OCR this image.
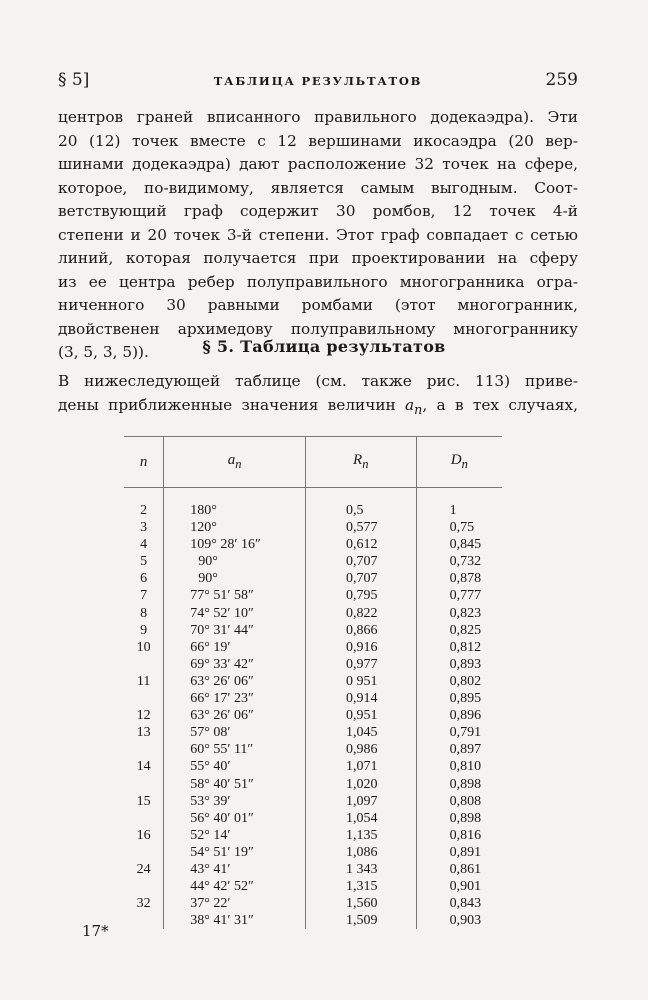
§ 5]	ТАБЛИЦА РЕЗУЛЬТАТОВ	259

центров граней вписанного правильного додекаэдра). Эти
20 (12) точек вместе с 12 вершинами икосаэдра (20 вер-
шинами додекаэдра) дают расположение 32 точек на сфере,
которое, по-видимому, является самым выгодным. Соот-
ветствующий граф содержит 30 ромбов, 12 точек 4-й
степени и 20 точек 3-й степени. Этот граф совпадает с сетью
линий, которая получается при проектировании на сферу
из ее центра ребер полуправильного многогранника огра-
ниченного 30 равными ромбами (этот многогранник,
двойственен архимедову полуправильному многограннику
(3, 5, 3, 5)).	§ 5. Таблица результатов

В нижеследующей таблице (см. также рис. 113) приве-
дены приближенные значения величин $a_n$, а в тех случаях,

n	$a_n$	$R_n$	$D_n$
2	180°	0,5	1
3	120°	0,577	0,75
4	109° 28′ 16″	0,612	0,845
5	90°	0,707	0,732
6	90°	0,707	0,878
7	77° 51′ 58″	0,795	0,777
8	74° 52′ 10″	0,822	0,823
9	70° 31′ 44″	0,866	0,825
10	66° 19′	0,916	0,812
	69° 33′ 42″	0,977	0,893
11	63° 26′ 06″	0 951	0,802
	66° 17′ 23″	0,914	0,895
12	63° 26′ 06″	0,951	0,896
13	57° 08′	1,045	0,791
	60° 55′ 11″	0,986	0,897
14	55° 40′	1,071	0,810
	58° 40′ 51″	1,020	0,898
15	53° 39′	1,097	0,808
	56° 40′ 01″	1,054	0,898
16	52° 14′	1,135	0,816
	54° 51′ 19″	1,086	0,891
24	43° 41′	1 343	0,861
	44° 42′ 52″	1,315	0,901
32	37° 22′	1,560	0,843
	38° 41′ 31″	1,509	0,903
17*
